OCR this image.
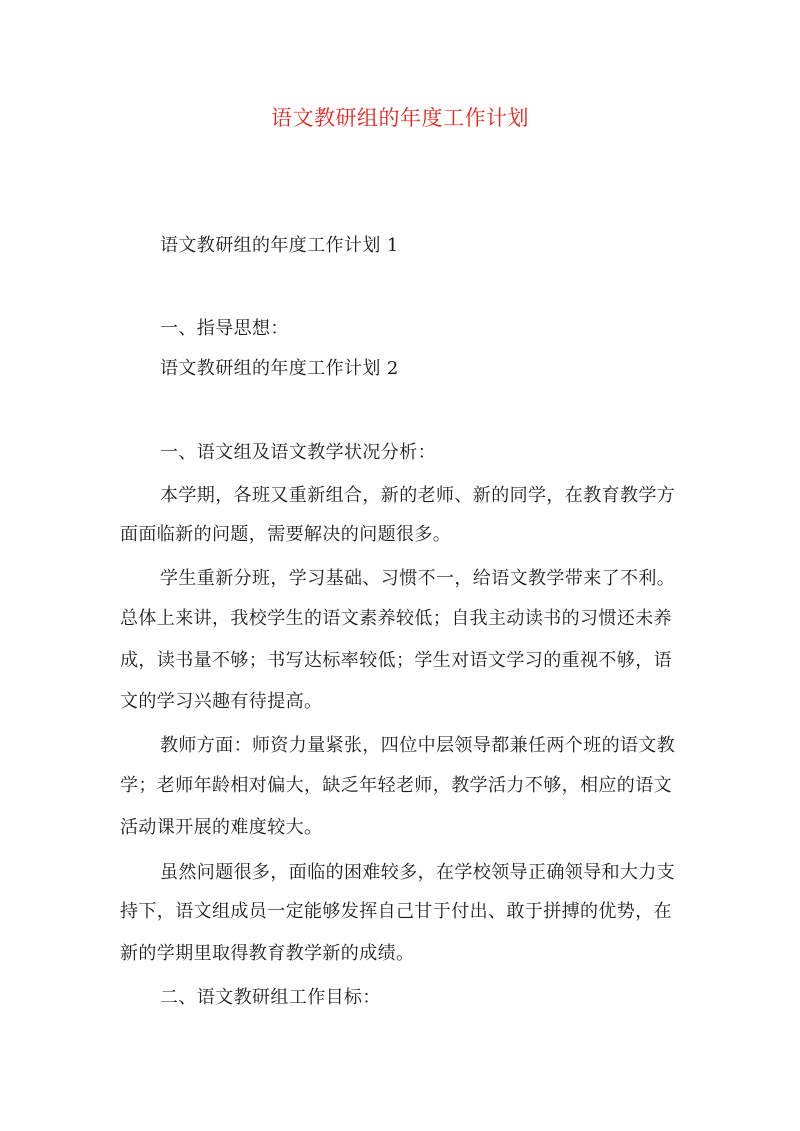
语文教研组的年度工作计划
语文教研组的年度工作计划 1
一、指导思想：
语文教研组的年度工作计划 2
一、语文组及语文教学状况分析：
本学期，各班又重新组合，新的老师、新的同学，在教育教学方
面面临新的问题，需要解决的问题很多。
学生重新分班，学习基础、习惯不一，给语文教学带来了不利。
总体上来讲，我校学生的语文素养较低；自我主动读书的习惯还未养
成，读书量不够；书写达标率较低；学生对语文学习的重视不够，语
文的学习兴趣有待提高。
教师方面：师资力量紧张，四位中层领导都兼任两个班的语文教
学；老师年龄相对偏大，缺乏年轻老师，教学活力不够，相应的语文
活动课开展的难度较大。
虽然问题很多，面临的困难较多，在学校领导正确领导和大力支
持下，语文组成员一定能够发挥自己甘于付出、敢于拼搏的优势，在
新的学期里取得教育教学新的成绩。
二、语文教研组工作目标：
